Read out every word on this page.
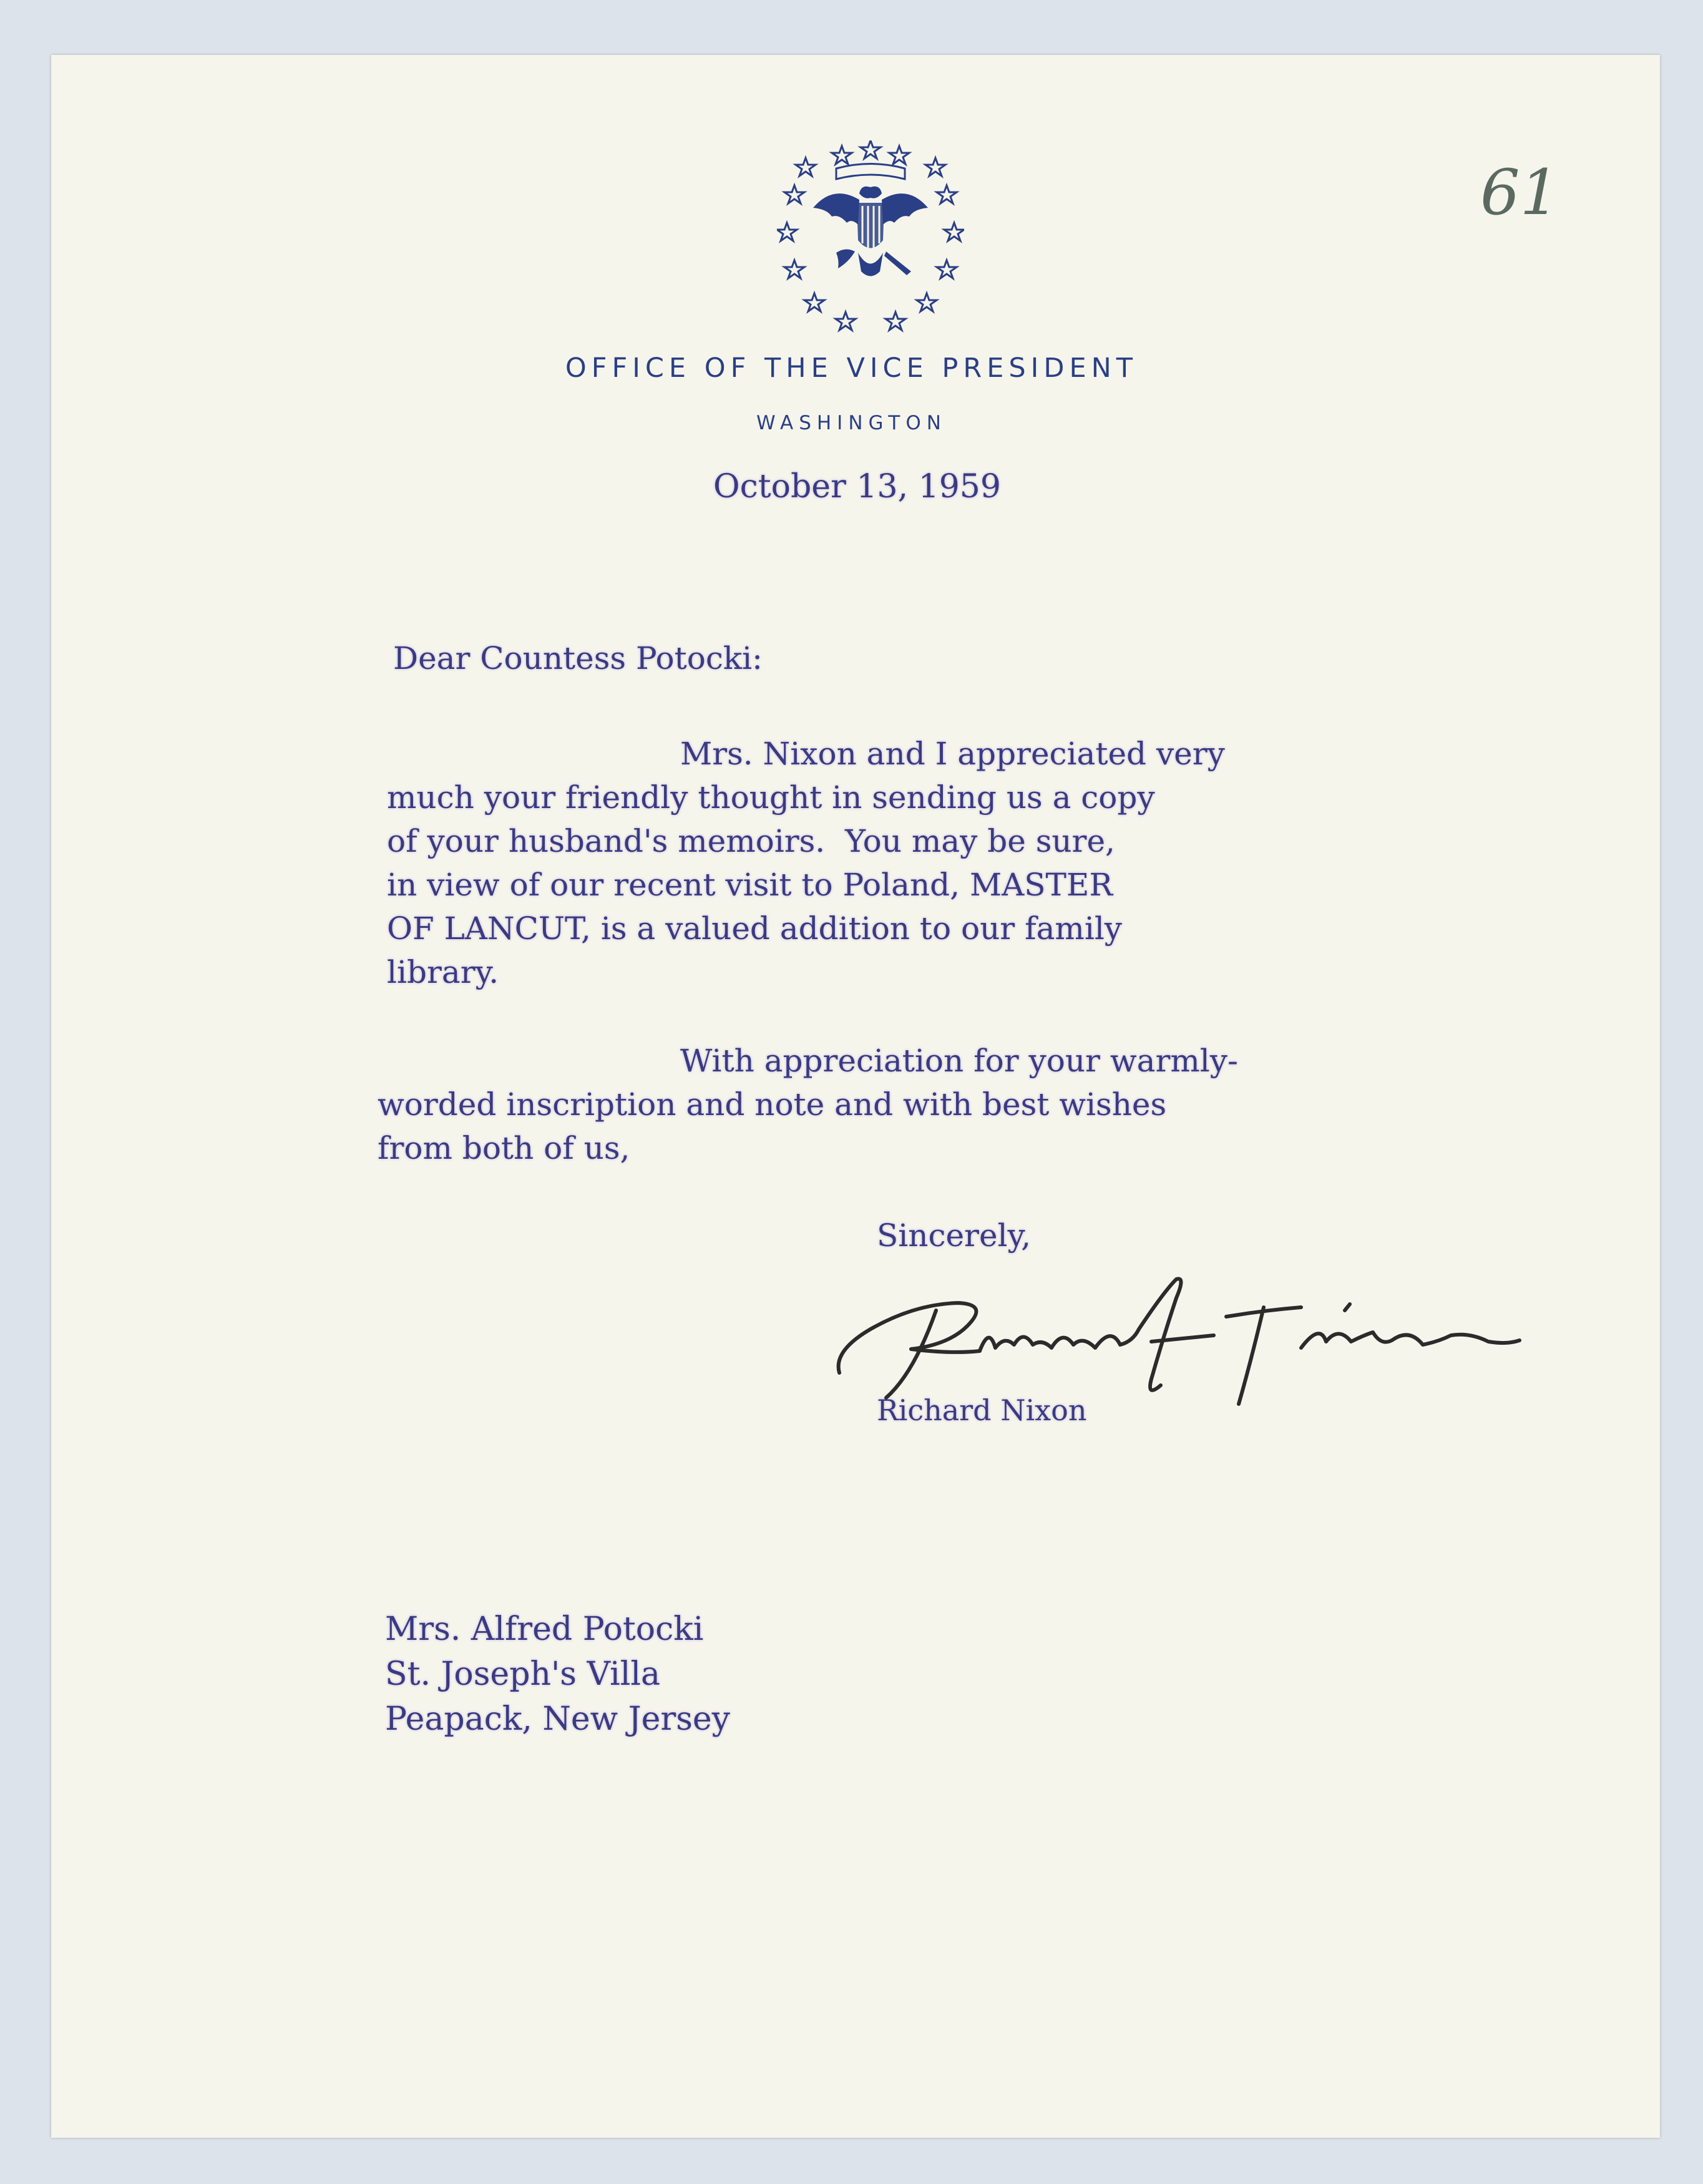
61
OFFICE OF THE VICE PRESIDENT
WASHINGTON
October 13, 1959
Dear Countess Potocki:
Mrs. Nixon and I appreciated very
much your friendly thought in sending us a copy
of your husband's memoirs.  You may be sure,
in view of our recent visit to Poland, MASTER
OF LANCUT, is a valued addition to our family
library.
With appreciation for your warmly-
worded inscription and note and with best wishes
from both of us,
Sincerely,
Richard Nixon
Mrs. Alfred Potocki
St. Joseph's Villa
Peapack, New Jersey
